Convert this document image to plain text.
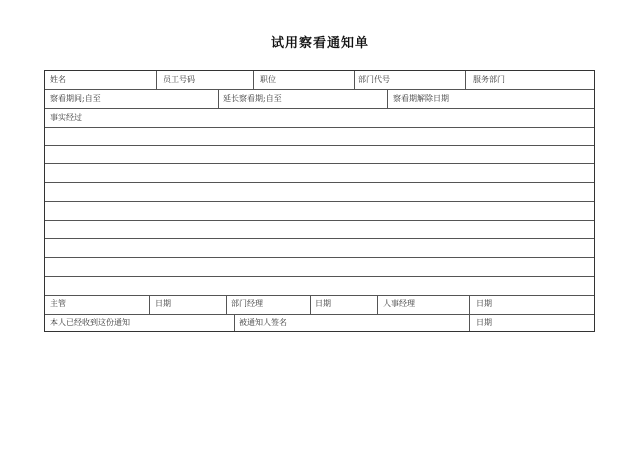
试用察看通知单
姓名	员工号码	职位	部门代号	服务部门
察看期间;自至	延长察看期;自至	察看期解除日期
事实经过
主管	日期	部门经理	日期	人事经理	日期
本人已经收到这份通知	被通知人签名	日期
